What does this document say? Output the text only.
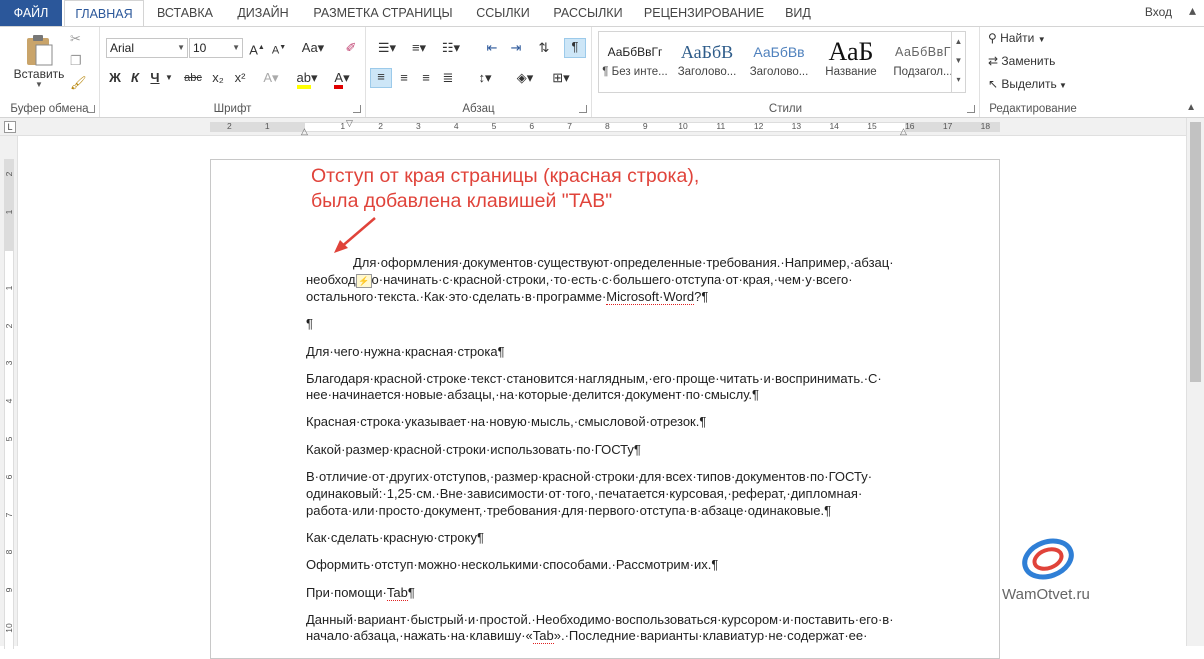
ФАЙЛ	ГЛАВНАЯ	ВСТАВКА	ДИЗАЙН	РАЗМЕТКА СТРАНИЦЫ	ССЫЛКИ	РАССЫЛКИ	РЕЦЕНЗИРОВАНИЕ	ВИД	Вход ▴
Вставить
▼
✂
❐
🖌
Буфер обмена
Arial	▼ 10	▼ A▲ A▼ Aa▾ ✐
Ж К Ч ▼	abc x₂ x²	A▾	ab▾	A▾
Шрифт
☰▾	≡▾	☷▾	⇤	⇥	⇅	¶
≡	≡	≡ ≣	↕▾	◈▾	⊞▾
Абзац
АаБбВвГг
¶ Без инте...
АаБбВ
Заголово...
АаБбВв
Заголово...
АаБ
Название
АаБбВвГ
Подзагол...
▲
▼
▾
Стили
⚲ Найти ▼
⇄ Заменить
↖ Выделить ▼
Редактирование	▲
L	2	1	1	2	3	4	5	6	7	8	9	10	11	12	13	14	15	16	17	18
▽
△	△
2
1
1
2
3
4
5
6
7
8
9
10
Отступ от края страницы (красная строка),
была добавлена клавишей "TAB"
Для·оформления·документов·существуют·определенные·требования.·Например,·абзац·
необход ⚡ о·начинать·с·красной·строки,·то·есть·с·большего·отступа·от·края,·чем·у·всего·
остального·текста.·Как·это·сделать·в·программе·Microsoft·Word?¶
¶
Для·чего·нужна·красная·строка¶
Благодаря·красной·строке·текст·становится·наглядным,·его·проще·читать·и·воспринимать.·С·
нее·начинается·новые·абзацы,·на·которые·делится·документ·по·смыслу.¶
Красная·строка·указывает·на·новую·мысль,·смысловой·отрезок.¶
Какой·размер·красной·строки·использовать·по·ГОСТу¶
В·отличие·от·других·отступов,·размер·красной·строки·для·всех·типов·документов·по·ГОСТу·
одинаковый:·1,25·см.·Вне·зависимости·от·того,·печатается·курсовая,·реферат,·дипломная·
работа·или·просто·документ,·требования·для·первого·отступа·в·абзаце·одинаковые.¶
Как·сделать·красную·строку¶
Оформить·отступ·можно·несколькими·способами.·Рассмотрим·их.¶
При·помощи·Tab¶
Данный·вариант·быстрый·и·простой.·Необходимо·воспользоваться·курсором·и·поставить·его·в·
начало·абзаца,·нажать·на·клавишу·«Tab».·Последние·варианты·клавиатур·не·содержат·ее·
WamOtvet.ru
